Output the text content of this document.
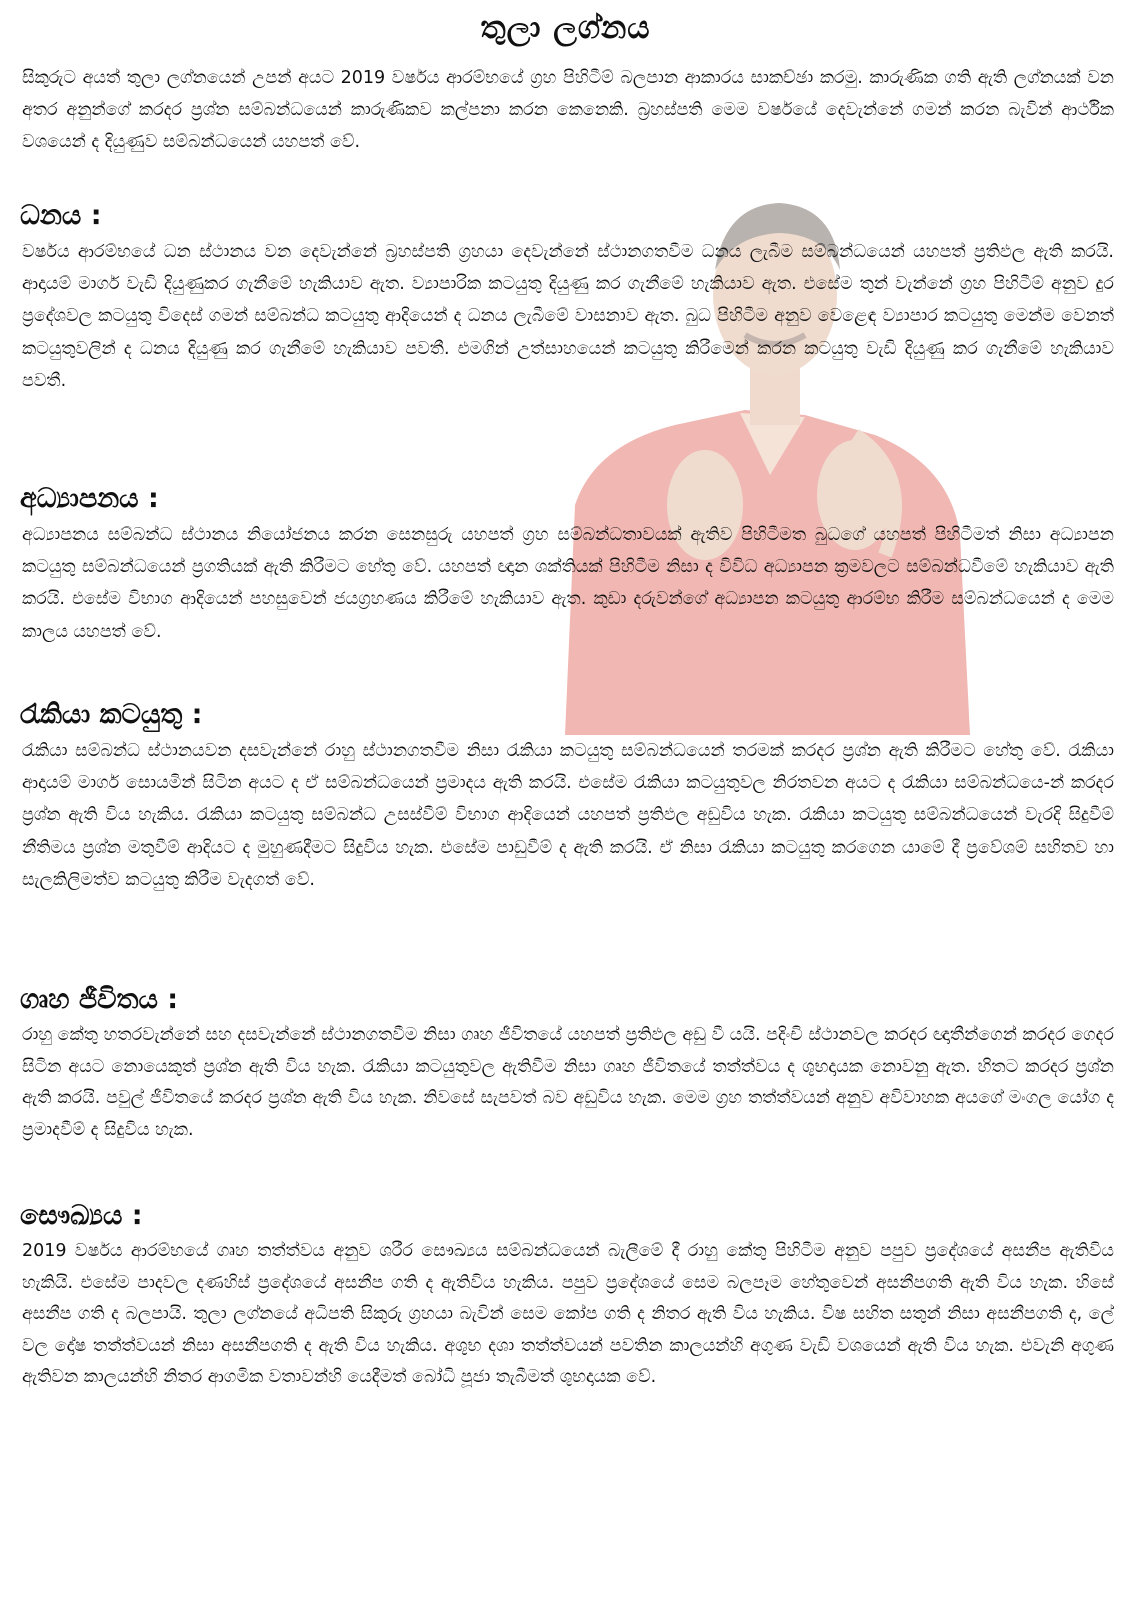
තුලා ලග්නය
සිකුරුට අයත් තුලා ලග්නයෙන් උපන් අයට 2019 වර්ෂය ආරම්භයේ ග්‍රහ පිහිටීම් බලපාන ආකාරය සාකච්ඡා කරමු. කාරුණික ගති ඇති ලග්නයක් වන අතර අනුන්ගේ කරදර ප්‍රශ්න සම්බන්ධයෙන් කාරුණිකව කල්පනා කරන කෙනෙකි. බ්‍රහස්පති මෙම වර්ෂයේ දෙවැන්නේ ගමන් කරන බැවින් ආර්ථික වශයෙන් ද දියුණුව සම්බන්ධයෙන් යහපත් වේ.
ධනය :
වර්ෂය ආරම්භයේ ධන ස්ථානය වන දෙවැන්නේ බ්‍රහස්පති ග්‍රහයා දෙවැන්නේ ස්ථානගතවීම ධනය ලැබීම සම්බන්ධයෙන් යහපත් ප්‍රතිඵල ඇති කරයි. ආදායම් මාර්ග වැඩි දියුණුකර ගැනීමේ හැකියාව ඇත. ව්‍යාපාරික කටයුතු දියුණු කර ගැනීමේ හැකියාව ඇත. එසේම තුන් වැන්නේ ග්‍රහ පිහිටීම් අනුව දුර ප්‍රදේශවල කටයුතු විදෙස් ගමන් සම්බන්ධ කටයුතු ආදියෙන් ද ධනය ලැබීමේ වාසනාව ඇත. බුධ පිහිටීම අනුව වෙළෙඳ ව්‍යාපාර කටයුතු මෙන්ම වෙනත් කටයුතුවලින් ද ධනය දියුණු කර ගැනීමේ හැකියාව පවතී. එමගින් උත්සාහයෙන් කටයුතු කිරීමෙන් කරන කටයුතු වැඩි දියුණු කර ගැනීමේ හැකියාව පවතී.
අධ්‍යාපනය :
අධ්‍යාපනය සම්බන්ධ ස්ථානය නියෝජනය කරන සෙනසුරු යහපත් ග්‍රහ සම්බන්ධතාවයක් ඇතිව පිහිටීමත බුධගේ යහපත් පිහිටීමත් නිසා අධ්‍යාපන කටයුතු සම්බන්ධයෙන් ප්‍රගතියක් ඇති කිරීමට හේතු වේ. යහපත් ඥාන ශක්තියක් පිහිටීම නිසා ද විවිධ අධ්‍යාපන ක්‍රමවලට සම්බන්ධවීමේ හැකියාව ඇති කරයි. එසේම විභාග ආදියෙන් පහසුවෙන් ජයග්‍රහණය කිරීමේ හැකියාව ඇත. කුඩා දරුවන්ගේ අධ්‍යාපන කටයුතු ආරම්භ කිරීම සම්බන්ධයෙන් ද මෙම කාලය යහපත් වේ.
රැකියා කටයුතු :
රැකියා සම්බන්ධ ස්ථානයවන දසවැන්නේ රාහු ස්ථානගතවීම නිසා රැකියා කටයුතු සම්බන්ධයෙන් තරමක් කරදර ප්‍රශ්න ඇති කිරීමට හේතු වේ. රැකියා ආදායම් මාර්ග සොයමින් සිටින අයට ද ඒ සම්බන්ධයෙන් ප්‍රමාදය ඇති කරයි. එසේම රැකියා කටයුතුවල නිරතවන අයට ද රැකියා සම්බන්ධයෙ-න් කරදර ප්‍රශ්න ඇති විය හැකිය. රැකියා කටයුතු සම්බන්ධ උසස්වීම් විභාග ආදියෙන් යහපත් ප්‍රතිඵල අඩුවිය හැක. රැකියා කටයුතු සම්බන්ධයෙන් වැරදි සිදුවීම් නීතිමය ප්‍රශ්න මතුවීම් ආදියට ද මුහුණදීමට සිදුවිය හැක. එසේම පාඩුවීම් ද ඇති කරයි. ඒ නිසා රැකියා කටයුතු කරගෙන යාමේ දී ප්‍රවේශම් සහිතව හා සැලකිලිමත්ව කටයුතු කිරීම වැදගත් වේ.
ගෘහ ජීවිතය :
රාහු කේතු හතරවැන්නේ සහ දසවැන්නේ ස්ථානගතවීම නිසා ගෘහ ජීවිතයේ යහපත් ප්‍රතිඵල අඩු වී යයි. පදිංචි ස්ථානවල කරදර ඥාතීන්ගෙන් කරදර ගෙදර සිටින අයට නොයෙකුත් ප්‍රශ්න ඇති විය හැක. රැකියා කටයුතුවල ඇතිවීම නිසා ගෘහ ජීවිතයේ තත්ත්වය ද ශුභදායක නොවනු ඇත. හිතට කරදර ප්‍රශ්න ඇති කරයි. පවුල් ජීවිතයේ කරදර ප්‍රශ්න ඇති විය හැක. නිවසේ සැපවත් බව අඩුවිය හැක. මෙම ග්‍රහ තත්ත්වයන් අනුව අවිවාහක අයගේ මංගල යෝග ද ප්‍රමාදවීම් ද සිදුවිය හැක.
සෞඛ්‍යය :
2019 වර්ෂය ආරම්භයේ ගෘහ තත්ත්වය අනුව ශරීර සෞඛ්‍යය සම්බන්ධයෙන් බැලීමේ දී රාහු කේතු පිහිටීම අනුව පපුව ප්‍රදේශයේ අසනීප ඇතිවිය හැකියි. එසේම පාදවල දණහිස් ප්‍රදේශයේ අසනීප ගති ද ඇතිවිය හැකිය. පපුව ප්‍රදේශයේ සෙම බලපෑම හේතුවෙන් අසනීපගති ඇති විය හැක. හිසේ අසනීප ගති ද බලපායි. තුලා ලග්නයේ අධිපති සිකුරු ග්‍රහයා බැවින් සෙම කෝප ගති ද නිතර ඇති විය හැකිය. විෂ සහිත සතුන් නිසා අසනීපගති ද, ලේ වල දෝෂ තත්ත්වයන් නිසා අසනීපගති ද ඇති විය හැකිය. අශුභ දශා තත්ත්වයන් පවතින කාලයන්හි අගුණ වැඩි වශයෙන් ඇති විය හැක. එවැනි අගුණ ඇතිවන කාලයන්හි නිතර ආගමික වතාවන්හි යෙදීමත් බෝධි පූජා තැබීමත් ශුභදායක වේ.
